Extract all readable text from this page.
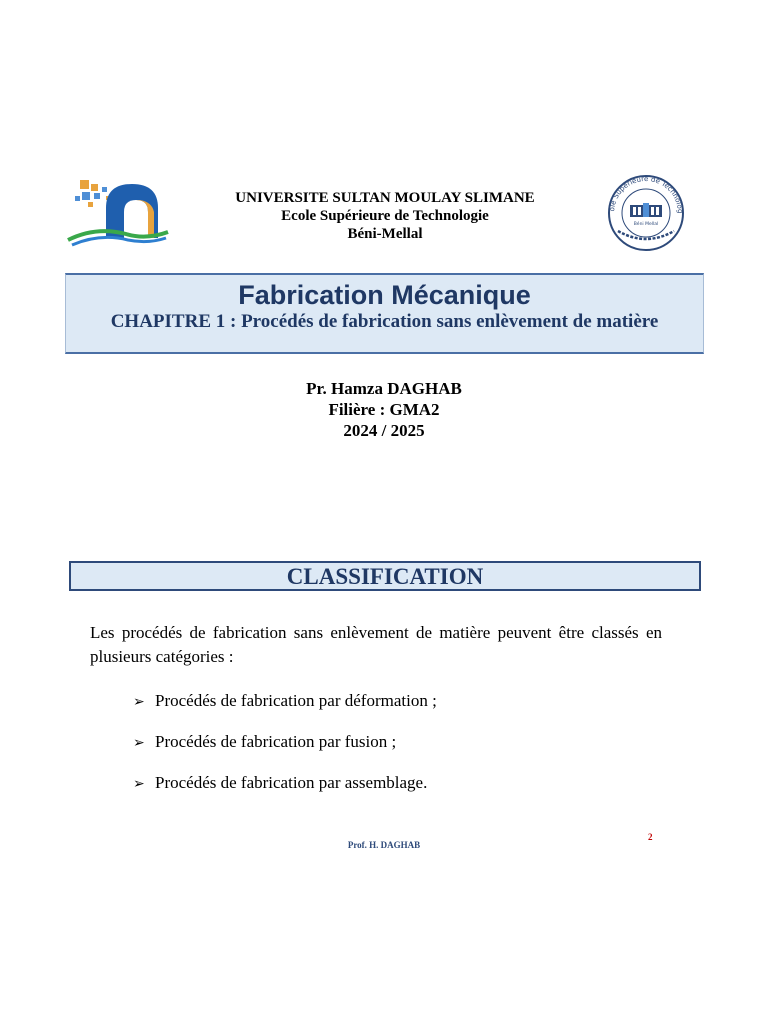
UNIVERSITE SULTAN MOULAY SLIMANE
Ecole Supérieure de Technologie
Béni-Mellal
ole Supérieure de Technolog
Béni Mellal
Fabrication Mécanique
CHAPITRE 1 : Procédés de fabrication sans enlèvement de matière
Pr. Hamza DAGHAB
Filière : GMA2
2024 / 2025
CLASSIFICATION
Les procédés de fabrication sans enlèvement de matière peuvent être classés en plusieurs catégories :
➢ Procédés de fabrication par déformation ;
➢ Procédés de fabrication par fusion ;
➢ Procédés de fabrication par assemblage.
Prof. H. DAGHAB
2
